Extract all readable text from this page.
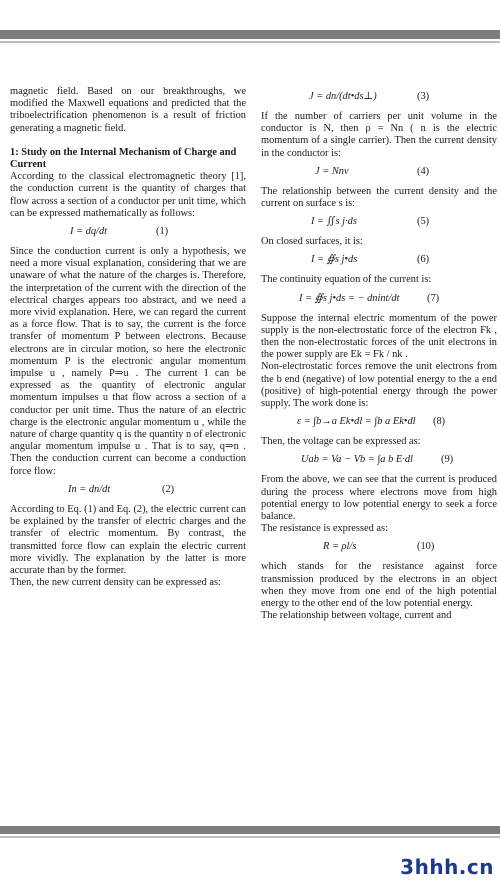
magnetic field. Based on our breakthroughs, we modified the Maxwell equations and predicted that the triboelectrification phenomenon is a result of friction generating a magnetic field.

1: Study on the Internal Mechanism of Charge and Current

According to the classical electromagnetic theory [1], the conduction current is the quantity of charges that flow across a section of a conductor per unit time, which can be expressed mathematically as follows:

I = dq/dt	(1)

Since the conduction current is only a hypothesis, we need a more visual explanation, considering that we are unaware of what the nature of the charges is. Therefore, the interpretation of the current with the direction of the electrical charges appears too abstract, and we need a more vivid explanation. Here, we can regard the current as a force flow. That is to say, the current is the force transfer of momentum P between electrons. Because electrons are in circular motion, so here the electronic momentum P is the electronic angular momentum impulse u , namely P⇒u . The current I can be expressed as the quantity of electronic angular momentum impulses u that flow across a section of a conductor per unit time. Thus the nature of an electric charge is the electronic angular momentum u , while the nature of charge quantity q is the quantity n of electronic angular momentum impulse u . That is to say, q⇒n . Then the conduction current can become a conduction force flow:

In = dn/dt	(2)

According to Eq. (1) and Eq. (2), the electric current can be explained by the transfer of electric charges and the transfer of electric momentum. By contrast, the transmitted force flow can explain the electric current more vividly. The explanation by the latter is more accurate than by the former.

Then, the new current density can be expressed as:

J = dn/(dt•ds⊥)	(3)

If the number of carriers per unit volume in the conductor is N, then ρ = Nn ( n is the electric momentum of a single carrier). Then the current density in the conductor is:

J = Nnv	(4)

The relationship between the current density and the current on surface s is:

I = ∬s j·ds	(5)

On closed surfaces, it is:

I = ∯s j•ds	(6)

The continuity equation of the current is:

I = ∯s j•ds = − dnint/dt	(7)

Suppose the internal electric momentum of the power supply is the non-electrostatic force of the electron Fk , then the non-electrostatic forces of the unit electrons in the power supply are Ek = Fk / nk .

Non-electrostatic forces remove the unit electrons from the b end (negative) of low potential energy to the a end (positive) of high-potential energy through the power supply. The work done is:

ε = ∫b→a Ek•dl = ∫b a Ek•dl (8)

Then, the voltage can be expressed as:

Uab = Va − Vb = ∫a b E·dl	(9)

From the above, we can see that the current is produced during the process where electrons move from high potential energy to low potential energy to seek a force balance.

The resistance is expressed as:

R = ρl/s	(10)

which stands for the resistance against force transmission produced by the electrons in an object when they move from one end of the high potential energy to the other end of the low potential energy.

The relationship between voltage, current and

3hhh.cn
